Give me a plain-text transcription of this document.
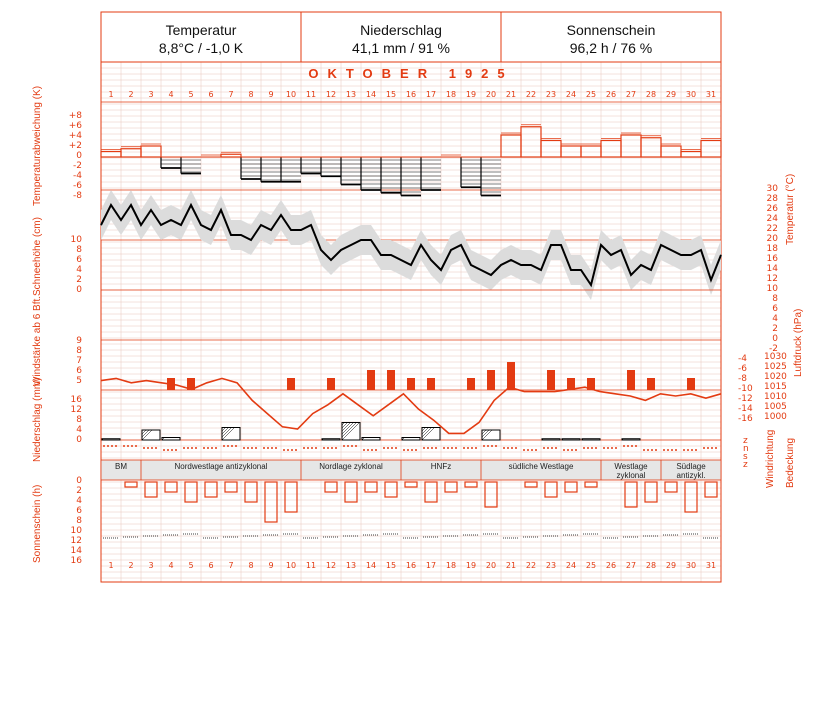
1
1
2
2
3
3
4
4
5
5
6
6
7
7
8
8
9
9
10
10
11
11
12
12
13
13
14
14
15
15
16
16
17
17
18
18
19
19
20
20
21
21
22
22
23
23
24
24
25
25
26
26
27
27
28
28
29
29
30
30
31
31
BM	Nordwestlage antizyklonal	Nordlage zyklonal	HNFz	südliche Westlage	Westlage zyklonal
Südlage antizykl.
+8
+6
+4
+2
0
-2
-4
-6
-8
10
8
6
4
2
0
9
8
7
6
5
16
12
8
4
0
0
2
4
6
8
10
12
14
16
30
28
26
24
22
20
18
16
14
12
10
8
6
4
2
0
-2
1030
1025
1020
1015
1010
1005
1000
-4
-6
-8
-10
-12
-14
-16
z
n
s
z
Temperatur
8,8°C / -1,0 K
Niederschlag
41,1 mm / 91 %
Sonnenschein
96,2 h / 76 %
OKTOBER 1925
Temperaturabweichung (K)
Schneehöhe (cm)
Windstärke ab 6 Bft.
Niederschlag (mm)
Sonnenschein (h)
Temperatur (°C)
Luftdruck (hPa)
Windrichtung Bedeckung
